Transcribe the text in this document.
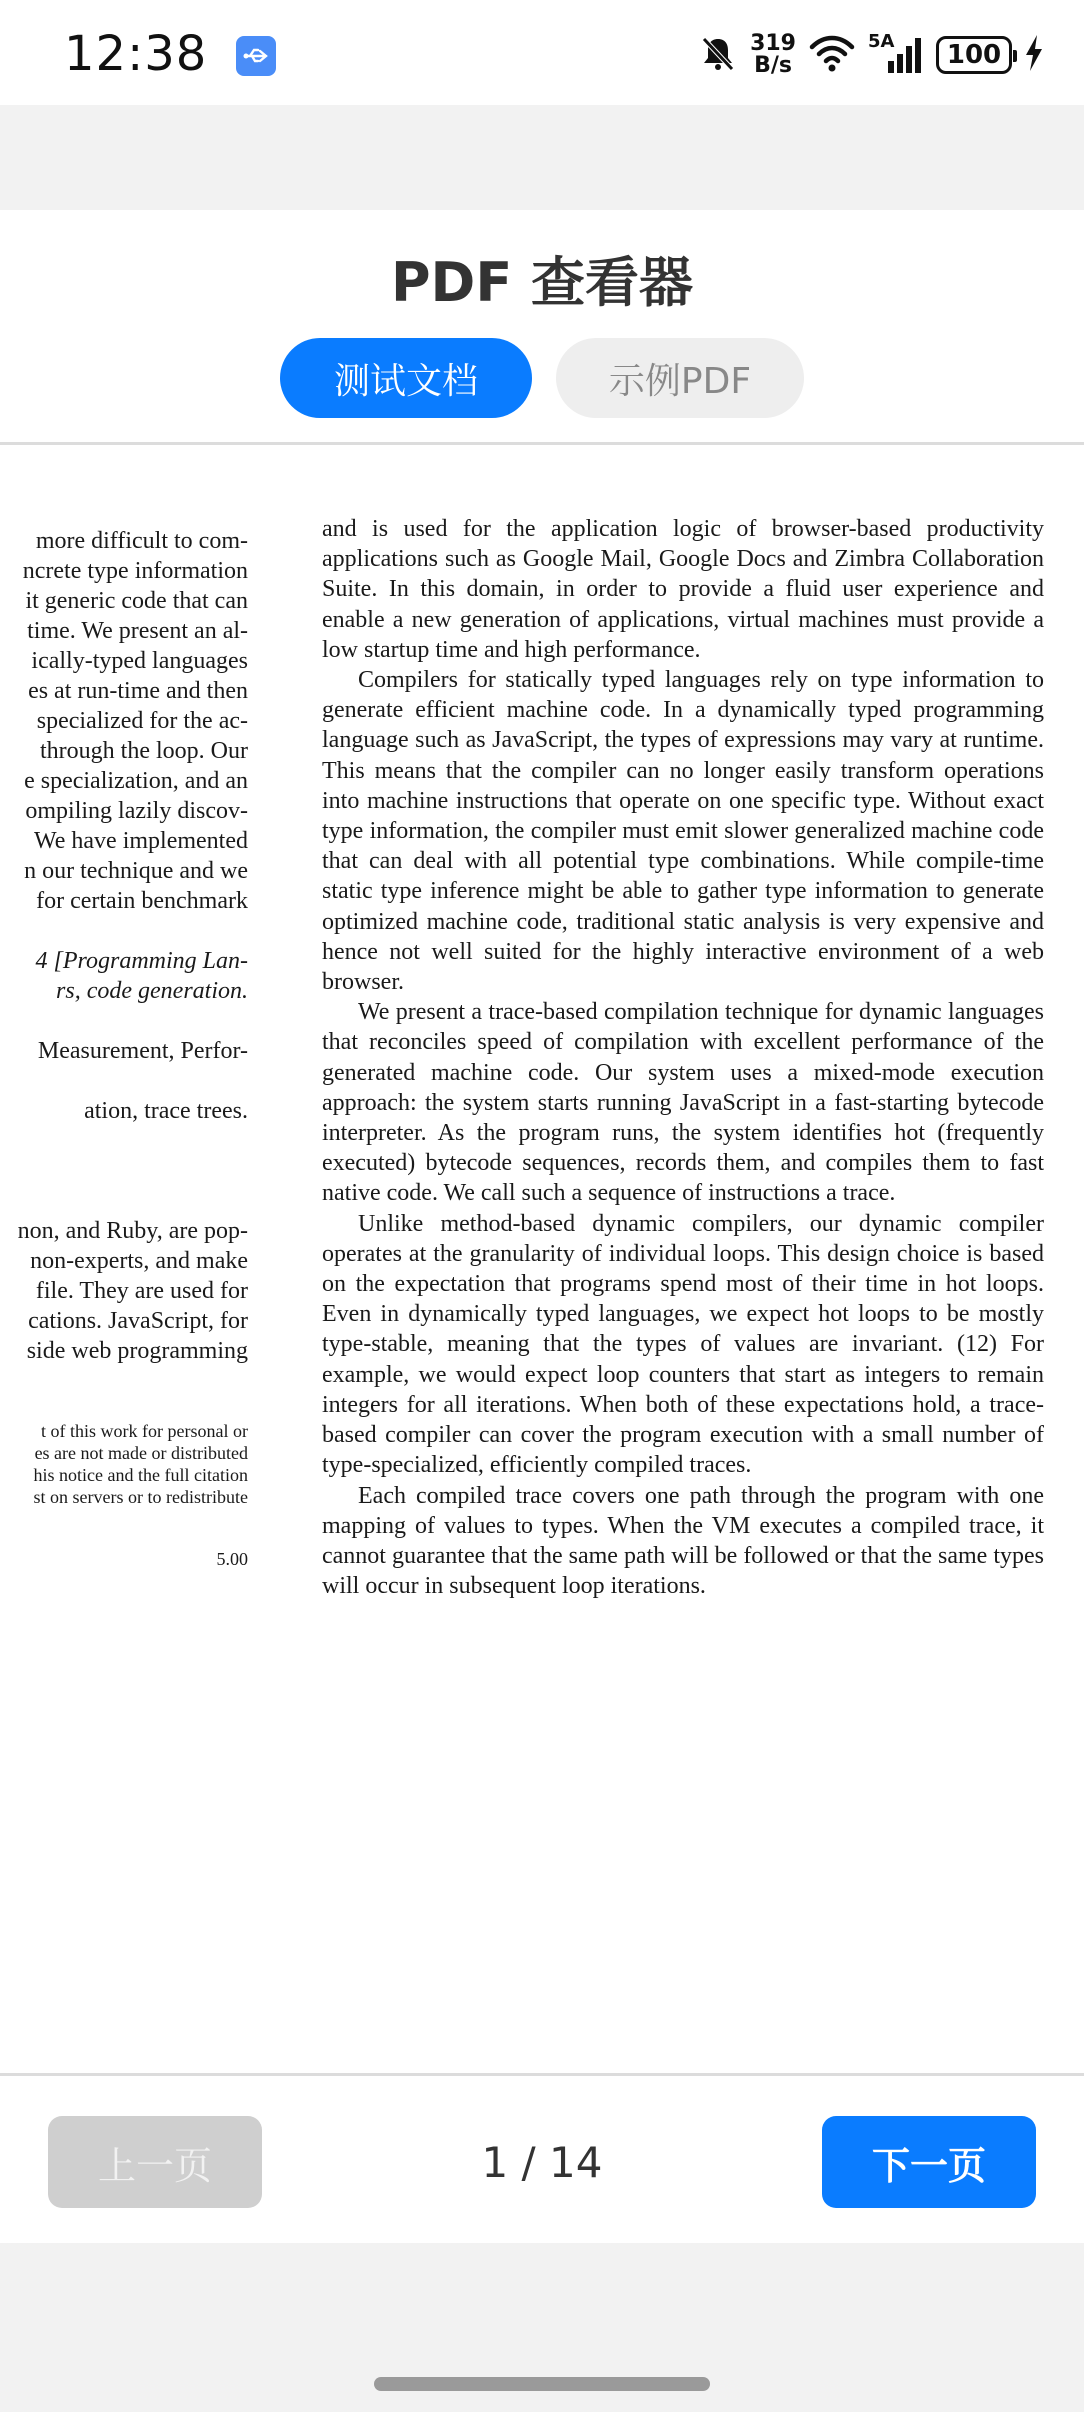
12:38	319
B/s
5A 100
PDF 查看器
测试文档	示例PDF
more difficult to com-
ncrete type information
it generic code that can
time. We present an al-
ically-typed languages
es at run-time and then
specialized for the ac-
through the loop. Our
e specialization, and an
ompiling lazily discov-
We have implemented
n our technique and we
for certain benchmark
4 [Programming Lan-
rs, code generation.
Measurement, Perfor-
ation, trace trees.
non, and Ruby, are pop-
non-experts, and make
file. They are used for
cations. JavaScript, for
side web programming
t of this work for personal or
es are not made or distributed
his notice and the full citation
st on servers or to redistribute
5.00

and is used for the application logic of browser-based productivity applications such as Google Mail, Google Docs and Zimbra Collaboration Suite. In this domain, in order to provide a fluid user experience and enable a new generation of applications, virtual machines must provide a low startup time and high performance.

Compilers for statically typed languages rely on type information to generate efficient machine code. In a dynamically typed programming language such as JavaScript, the types of expressions may vary at runtime. This means that the compiler can no longer easily transform operations into machine instructions that operate on one specific type. Without exact type information, the compiler must emit slower generalized machine code that can deal with all potential type combinations. While compile-time static type inference might be able to gather type information to generate optimized machine code, traditional static analysis is very expensive and hence not well suited for the highly interactive environment of a web browser.

We present a trace-based compilation technique for dynamic languages that reconciles speed of compilation with excellent performance of the generated machine code. Our system uses a mixed-mode execution approach: the system starts running JavaScript in a fast-starting bytecode interpreter. As the program runs, the system identifies hot (frequently executed) bytecode sequences, records them, and compiles them to fast native code. We call such a sequence of instructions a trace.

Unlike method-based dynamic compilers, our dynamic compiler operates at the granularity of individual loops. This design choice is based on the expectation that programs spend most of their time in hot loops. Even in dynamically typed languages, we expect hot loops to be mostly type-stable, meaning that the types of values are invariant. (12) For example, we would expect loop counters that start as integers to remain integers for all iterations. When both of these expectations hold, a trace-based compiler can cover the program execution with a small number of type-specialized, efficiently compiled traces.

Each compiled trace covers one path through the program with one mapping of values to types. When the VM executes a compiled trace, it cannot guarantee that the same path will be followed or that the same types will occur in subsequent loop iterations.

上一页	1 / 14	下一页
